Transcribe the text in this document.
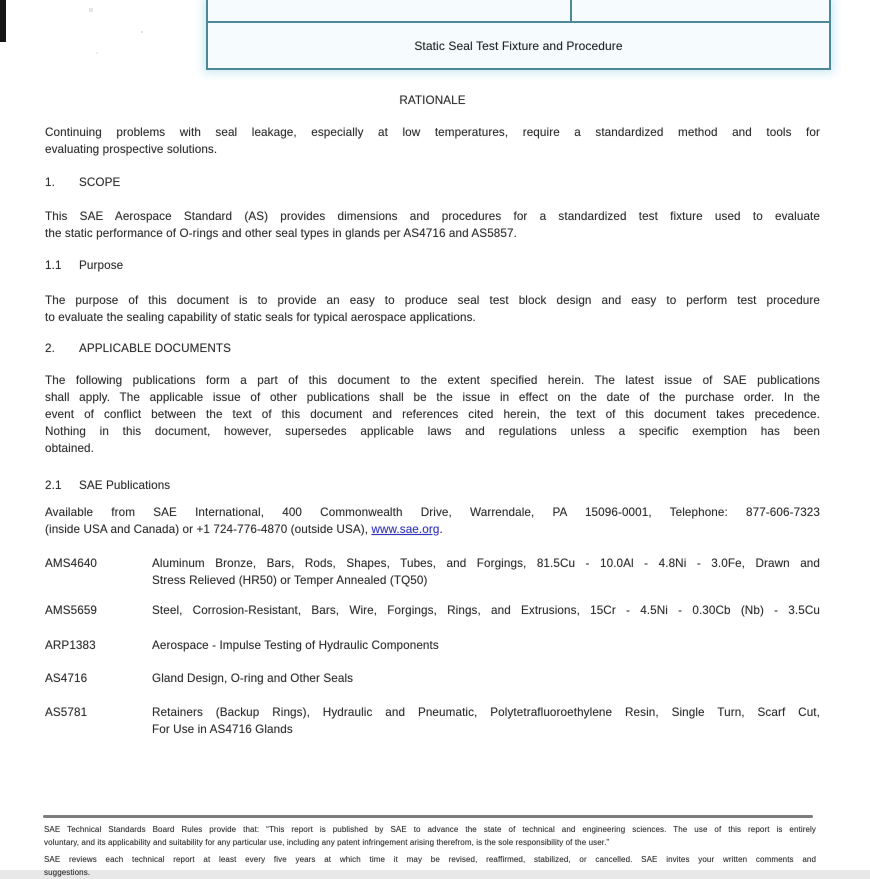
Static Seal Test Fixture and Procedure
RATIONALE
Continuing problems with seal leakage, especially at low temperatures, require a standardized method and tools for
evaluating prospective solutions.
1.	SCOPE
This SAE Aerospace Standard (AS) provides dimensions and procedures for a standardized test fixture used to evaluate
the static performance of O-rings and other seal types in glands per AS4716 and AS5857.
1.1	Purpose
The purpose of this document is to provide an easy to produce seal test block design and easy to perform test procedure
to evaluate the sealing capability of static seals for typical aerospace applications.
2.	APPLICABLE DOCUMENTS
The following publications form a part of this document to the extent specified herein. The latest issue of SAE publications
shall apply. The applicable issue of other publications shall be the issue in effect on the date of the purchase order. In the
event of conflict between the text of this document and references cited herein, the text of this document takes precedence.
Nothing in this document, however, supersedes applicable laws and regulations unless a specific exemption has been
obtained.
2.1	SAE Publications
Available from SAE International, 400 Commonwealth Drive, Warrendale, PA 15096-0001, Telephone: 877-606-7323
(inside USA and Canada) or +1 724-776-4870 (outside USA), www.sae.org.
AMS4640	Aluminum Bronze, Bars, Rods, Shapes, Tubes, and Forgings, 81.5Cu - 10.0Al - 4.8Ni - 3.0Fe, Drawn and
Stress Relieved (HR50) or Temper Annealed (TQ50)
AMS5659	Steel, Corrosion-Resistant, Bars, Wire, Forgings, Rings, and Extrusions, 15Cr - 4.5Ni - 0.30Cb (Nb) - 3.5Cu
ARP1383	Aerospace - Impulse Testing of Hydraulic Components
AS4716	Gland Design, O-ring and Other Seals
AS5781	Retainers (Backup Rings), Hydraulic and Pneumatic, Polytetrafluoroethylene Resin, Single Turn, Scarf Cut,
For Use in AS4716 Glands
SAE Technical Standards Board Rules provide that: “This report is published by SAE to advance the state of technical and engineering sciences. The use of this report is entirely
voluntary, and its applicability and suitability for any particular use, including any patent infringement arising therefrom, is the sole responsibility of the user.”
SAE reviews each technical report at least every five years at which time it may be revised, reaffirmed, stabilized, or cancelled. SAE invites your written comments and
suggestions.
